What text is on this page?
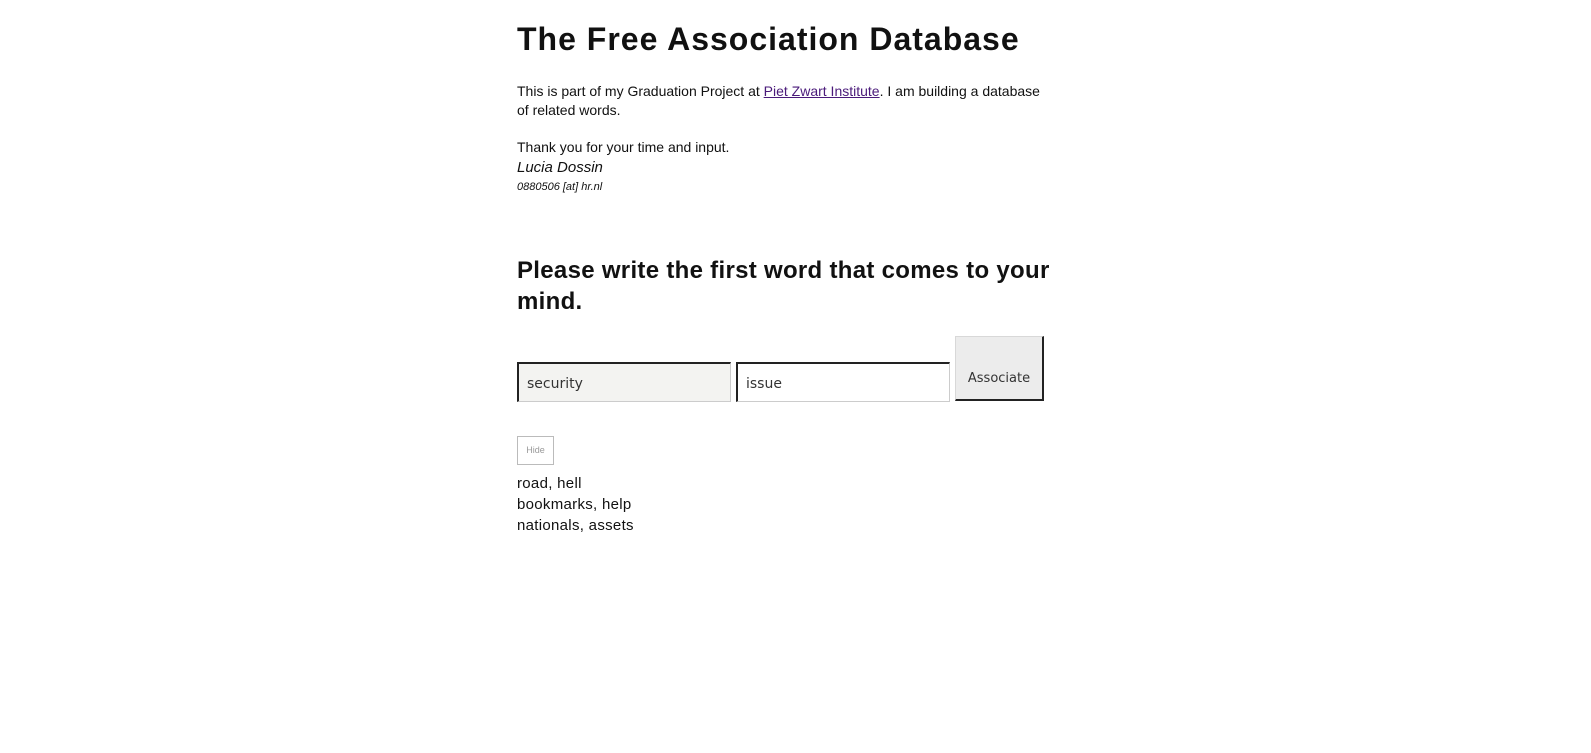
The Free Association Database

This is part of my Graduation Project at Piet Zwart Institute. I am building a database of related words.

Thank you for your time and input.

Lucia Dossin
0880506 [at] hr.nl
Please write the first word that comes to your mind.
security
issue
Associate
Hide
road, hell
bookmarks, help
nationals, assets
